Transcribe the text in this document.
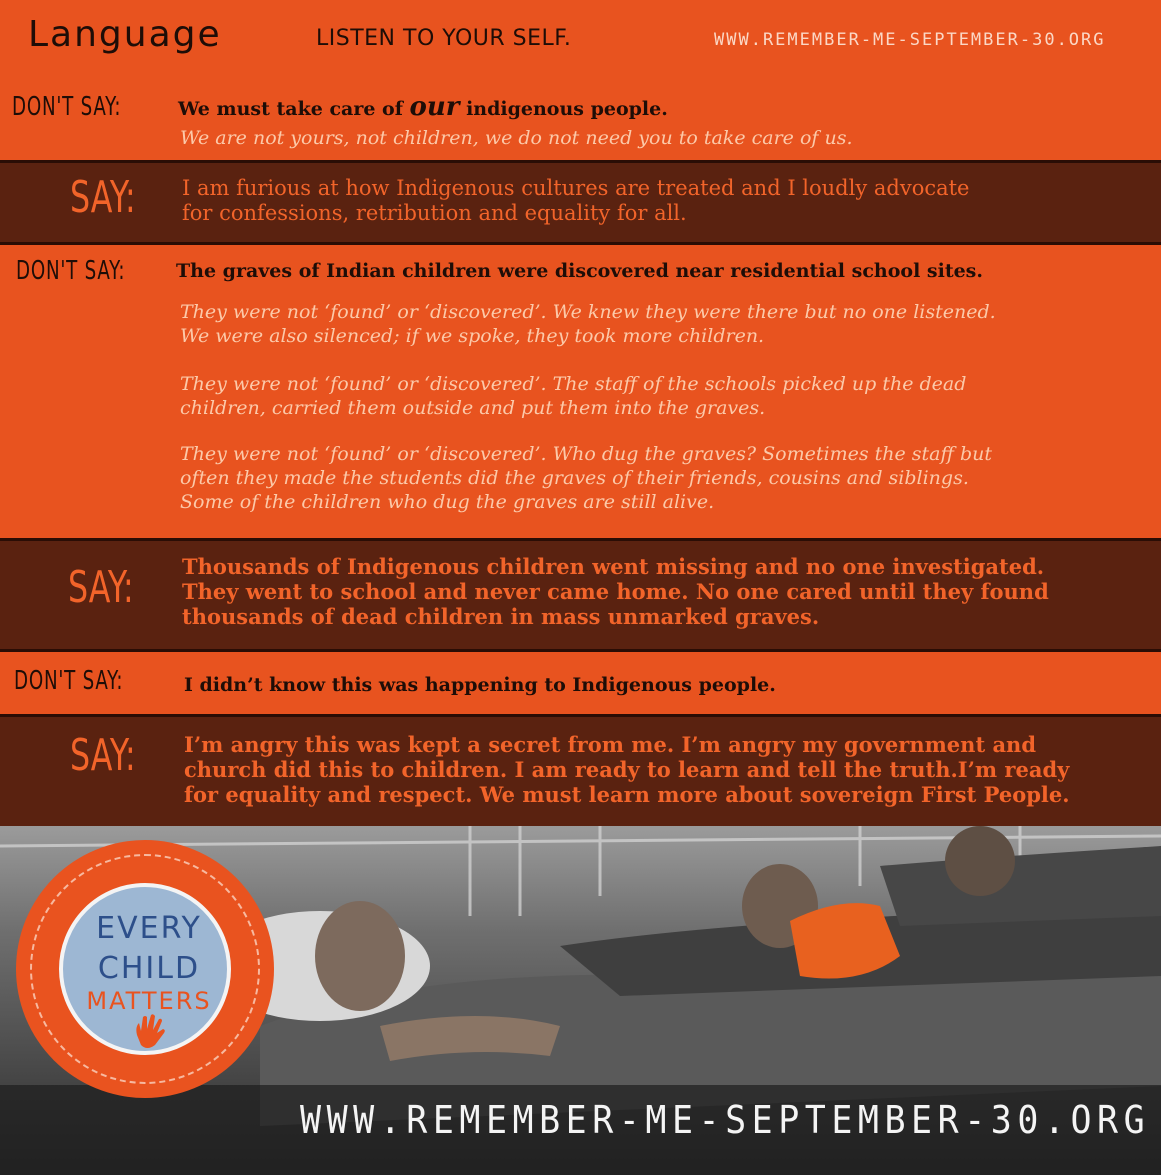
Language	LISTEN TO YOUR SELF.	WWW.REMEMBER-ME-SEPTEMBER-30.ORG
DON'T SAY:	We must take care of our indigenous people.
We are not yours, not children, we do not need you to take care of us.
SAY: I am furious at how Indigenous cultures are treated and I loudly advocate
for confessions, retribution and equality for all.
DON'T SAY:	The graves of Indian children were discovered near residential school sites.
They were not ‘found’ or ‘discovered’. We knew they were there but no one listened.
We were also silenced; if we spoke, they took more children.
They were not ‘found’ or ‘discovered’. The staff of the schools picked up the dead
children, carried them outside and put them into the graves.
They were not ‘found’ or ‘discovered’. Who dug the graves? Sometimes the staff but
often they made the students did the graves of their friends, cousins and siblings.
Some of the children who dug the graves are still alive.
SAY: Thousands of Indigenous children went missing and no one investigated.
They went to school and never came home. No one cared until they found
thousands of dead children in mass unmarked graves.
DON'T SAY:	I didn’t know this was happening to Indigenous people.
SAY: I’m angry this was kept a secret from me. I’m angry my government and
church did this to children. I am ready to learn and tell the truth.I’m ready
for equality and respect. We must learn more about sovereign First People.
WWW.REMEMBER-ME-SEPTEMBER-30.ORG
EVERY
CHILD
MATTERS
